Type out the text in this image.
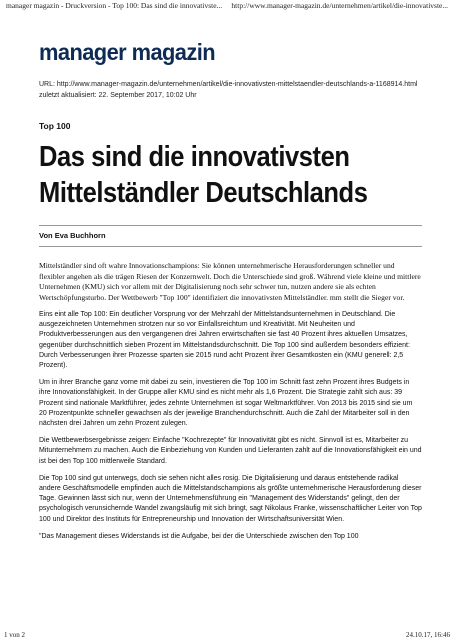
manager magazin - Druckversion - Top 100: Das sind die innovativste... http://www.manager-magazin.de/unternehmen/artikel/die-innovativste...
manager magazin
URL: http://www.manager-magazin.de/unternehmen/artikel/die-innovativsten-mittelstaendler-deutschlands-a-1168914.html
zuletzt aktualisiert: 22. September 2017, 10:02 Uhr
Top 100
Das sind die innovativsten Mittelständler Deutschlands
Von Eva Buchhorn
Mittelständler sind oft wahre Innovationschampions: Sie können unternehmerische Herausforderungen schneller und flexibler angehen als die trägen Riesen der Konzernwelt. Doch die Unterschiede sind groß. Während viele kleine und mittlere Unternehmen (KMU) sich vor allem mit der Digitalisierung noch sehr schwer tun, nutzen andere sie als echten Wertschöpfungsturbo. Der Wettbewerb "Top 100" identifiziert die innovativsten Mittelständler. mm stellt die Sieger vor.
Eins eint alle Top 100: Ein deutlicher Vorsprung vor der Mehrzahl der Mittelstandsunternehmen in Deutschland. Die ausgezeichneten Unternehmen strotzen nur so vor Einfallsreichtum und Kreativität. Mit Neuheiten und Produktverbesserungen aus den vergangenen drei Jahren erwirtschaften sie fast 40 Prozent ihres aktuellen Umsatzes, gegenüber durchschnittlich sieben Prozent im Mittelstandsdurchschnitt. Die Top 100 sind außerdem besonders effizient: Durch Verbesserungen ihrer Prozesse sparten sie 2015 rund acht Prozent ihrer Gesamtkosten ein (KMU generell: 2,5 Prozent).
Um in ihrer Branche ganz vorne mit dabei zu sein, investieren die Top 100 im Schnitt fast zehn Prozent ihres Budgets in ihre Innovationsfähigkeit. In der Gruppe aller KMU sind es nicht mehr als 1,6 Prozent. Die Strategie zahlt sich aus: 39 Prozent sind nationale Marktführer, jedes zehnte Unternehmen ist sogar Weltmarktführer. Von 2013 bis 2015 sind sie um 20 Prozentpunkte schneller gewachsen als der jeweilige Branchendurchschnitt. Auch die Zahl der Mitarbeiter soll in den nächsten drei Jahren um zehn Prozent zulegen.
Die Wettbewerbsergebnisse zeigen: Einfache "Kochrezepte" für Innovativität gibt es nicht. Sinnvoll ist es, Mitarbeiter zu Mitunternehmern zu machen. Auch die Einbeziehung von Kunden und Lieferanten zahlt auf die Innovationsfähigkeit ein und ist bei den Top 100 mittlerweile Standard.
Die Top 100 sind gut unterwegs, doch sie sehen nicht alles rosig. Die Digitalisierung und daraus entstehende radikal andere Geschäftsmodelle empfinden auch die Mittelstandschampions als größte unternehmerische Herausforderung dieser Tage. Gewinnen lässt sich nur, wenn der Unternehmensführung ein "Management des Widerstands" gelingt, den der psychologisch verunsichernde Wandel zwangsläufig mit sich bringt, sagt Nikolaus Franke, wissenschaftlicher Leiter von Top 100 und Direktor des Instituts für Entrepreneurship und Innovation der Wirtschaftsuniversität Wien.
"Das Management dieses Widerstands ist die Aufgabe, bei der die Unterschiede zwischen den Top 100
1 von 2	24.10.17, 16:46
